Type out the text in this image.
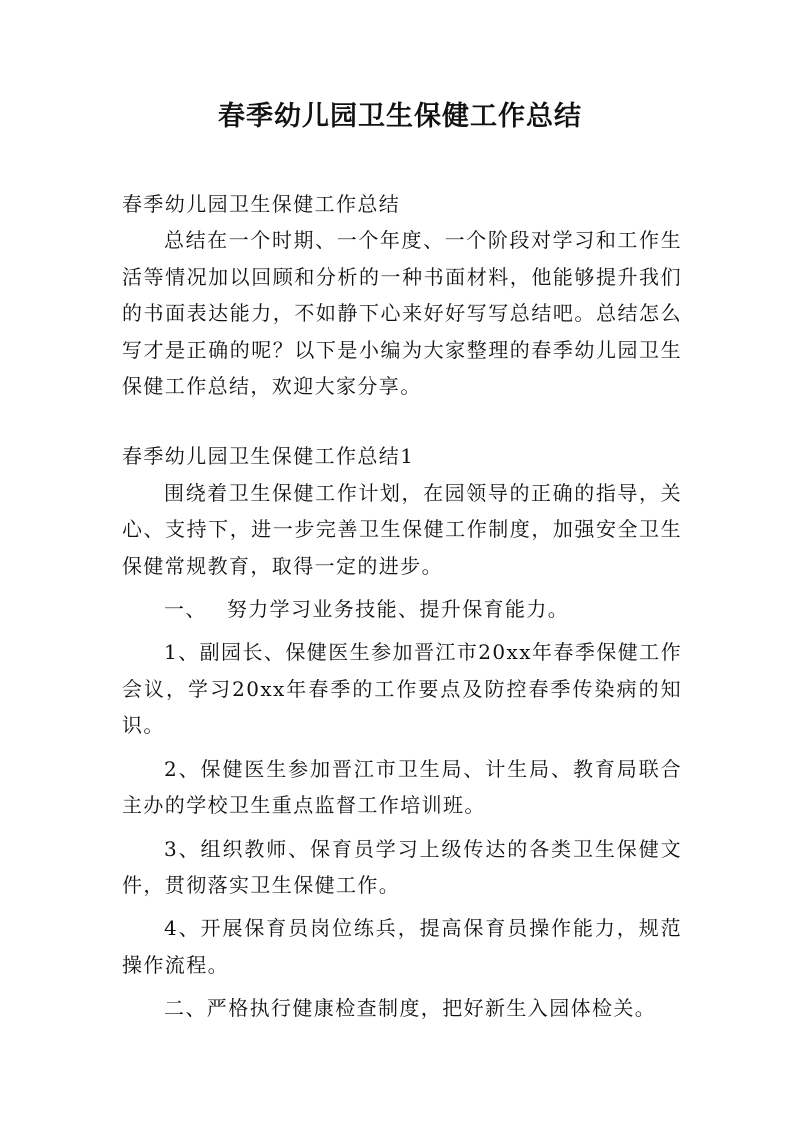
春季幼儿园卫生保健工作总结

春季幼儿园卫生保健工作总结

总结在一个时期、一个年度、一个阶段对学习和工作生活等情况加以回顾和分析的一种书面材料，他能够提升我们的书面表达能力，不如静下心来好好写写总结吧。总结怎么写才是正确的呢？以下是小编为大家整理的春季幼儿园卫生保健工作总结，欢迎大家分享。

春季幼儿园卫生保健工作总结1

围绕着卫生保健工作计划，在园领导的正确的指导，关心、支持下，进一步完善卫生保健工作制度，加强安全卫生保健常规教育，取得一定的进步。

一、 努力学习业务技能、提升保育能力。

1、副园长、保健医生参加晋江市20xx年春季保健工作会议，学习20xx年春季的工作要点及防控春季传染病的知识。

2、保健医生参加晋江市卫生局、计生局、教育局联合主办的学校卫生重点监督工作培训班。

3、组织教师、保育员学习上级传达的各类卫生保健文件，贯彻落实卫生保健工作。

4、开展保育员岗位练兵，提高保育员操作能力，规范操作流程。

二、严格执行健康检查制度，把好新生入园体检关。
